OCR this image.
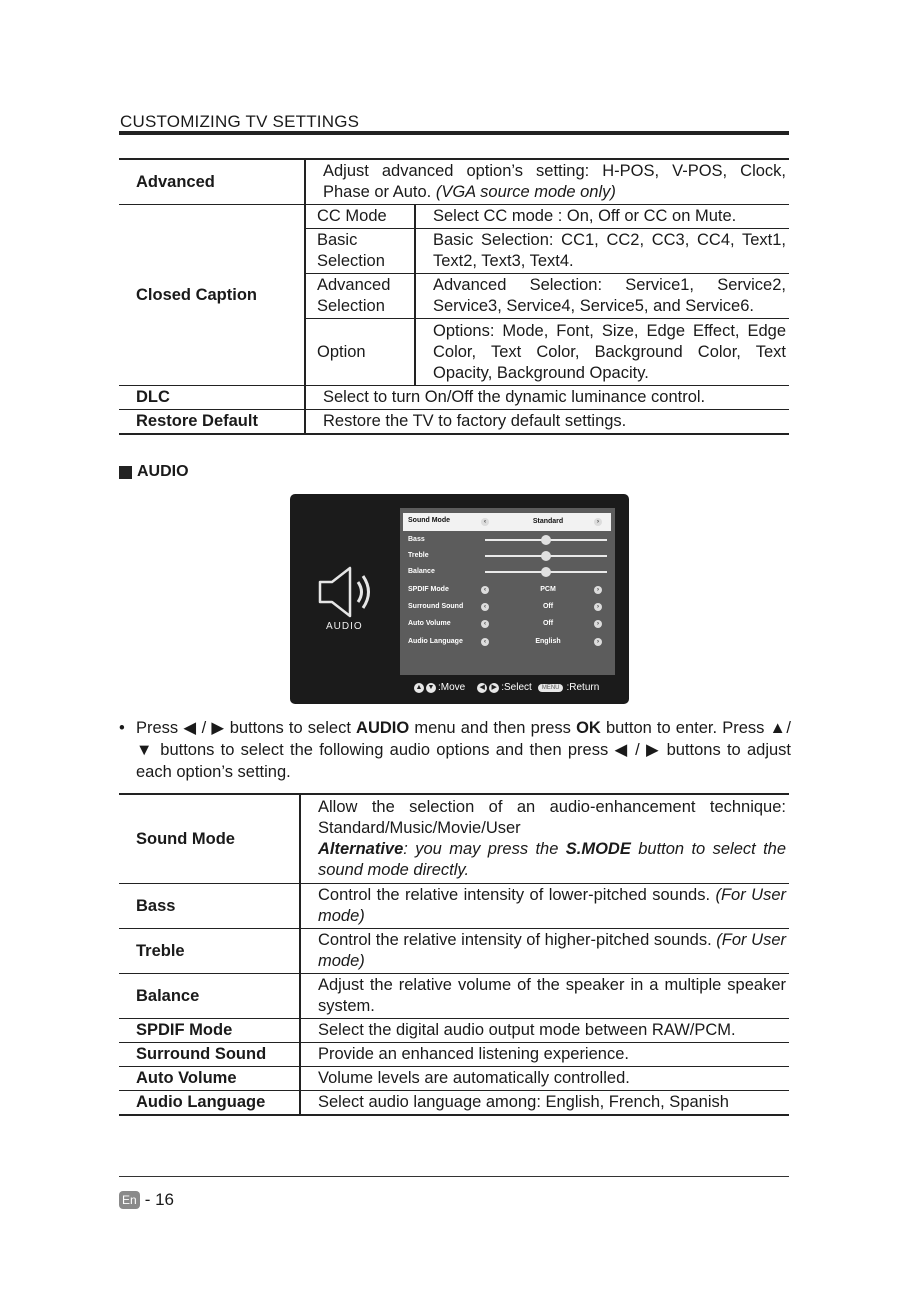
CUSTOMIZING TV SETTINGS
Advanced	Adjust advanced option’s setting: H-POS, V-POS, Clock, Phase or Auto. (VGA source mode only)	
Closed Caption	CC Mode	Select CC mode : On, Off or CC on Mute.
	Basic Selection	Basic Selection: CC1, CC2, CC3, CC4, Text1, Text2, Text3, Text4.
	Advanced Selection	Advanced Selection: Service1, Service2, Service3, Service4, Service5, and Service6.
	Option	Options: Mode, Font, Size, Edge Effect, Edge Color, Text Color, Background Color, Text Opacity, Background Opacity.
DLC	Select to turn On/Off the dynamic luminance control.	
Restore Default	Restore the TV to factory default settings.	
AUDIO
AUDIO
Sound Mode	‹	Standard	›
Bass
Treble
Balance
SPDIF Mode	‹	PCM	›
Surround Sound	‹	Off	›
Auto Volume	‹	Off	›
Audio Language	‹	English	›
▲ ▼ :Move	◀ ▶ :Select	MENU :Return
• Press ◀ / ▶ buttons to select AUDIO menu and then press OK button to enter. Press ▲/▼ buttons to select the following audio options and then press ◀ / ▶ buttons to adjust each option’s setting.
Sound Mode	Allow the selection of an audio-enhancement technique: Standard/Music/Movie/User
Alternative: you may press the S.MODE button to select the sound mode directly.
Bass	Control the relative intensity of lower-pitched sounds. (For User mode)
Treble	Control the relative intensity of higher-pitched sounds. (For User mode)
Balance	Adjust the relative volume of the speaker in a multiple speaker system.
SPDIF Mode	Select the digital audio output mode between RAW/PCM.
Surround Sound	Provide an enhanced listening experience.
Auto Volume	Volume levels are automatically controlled.
Audio Language	Select audio language among: English, French, Spanish
En - 16
